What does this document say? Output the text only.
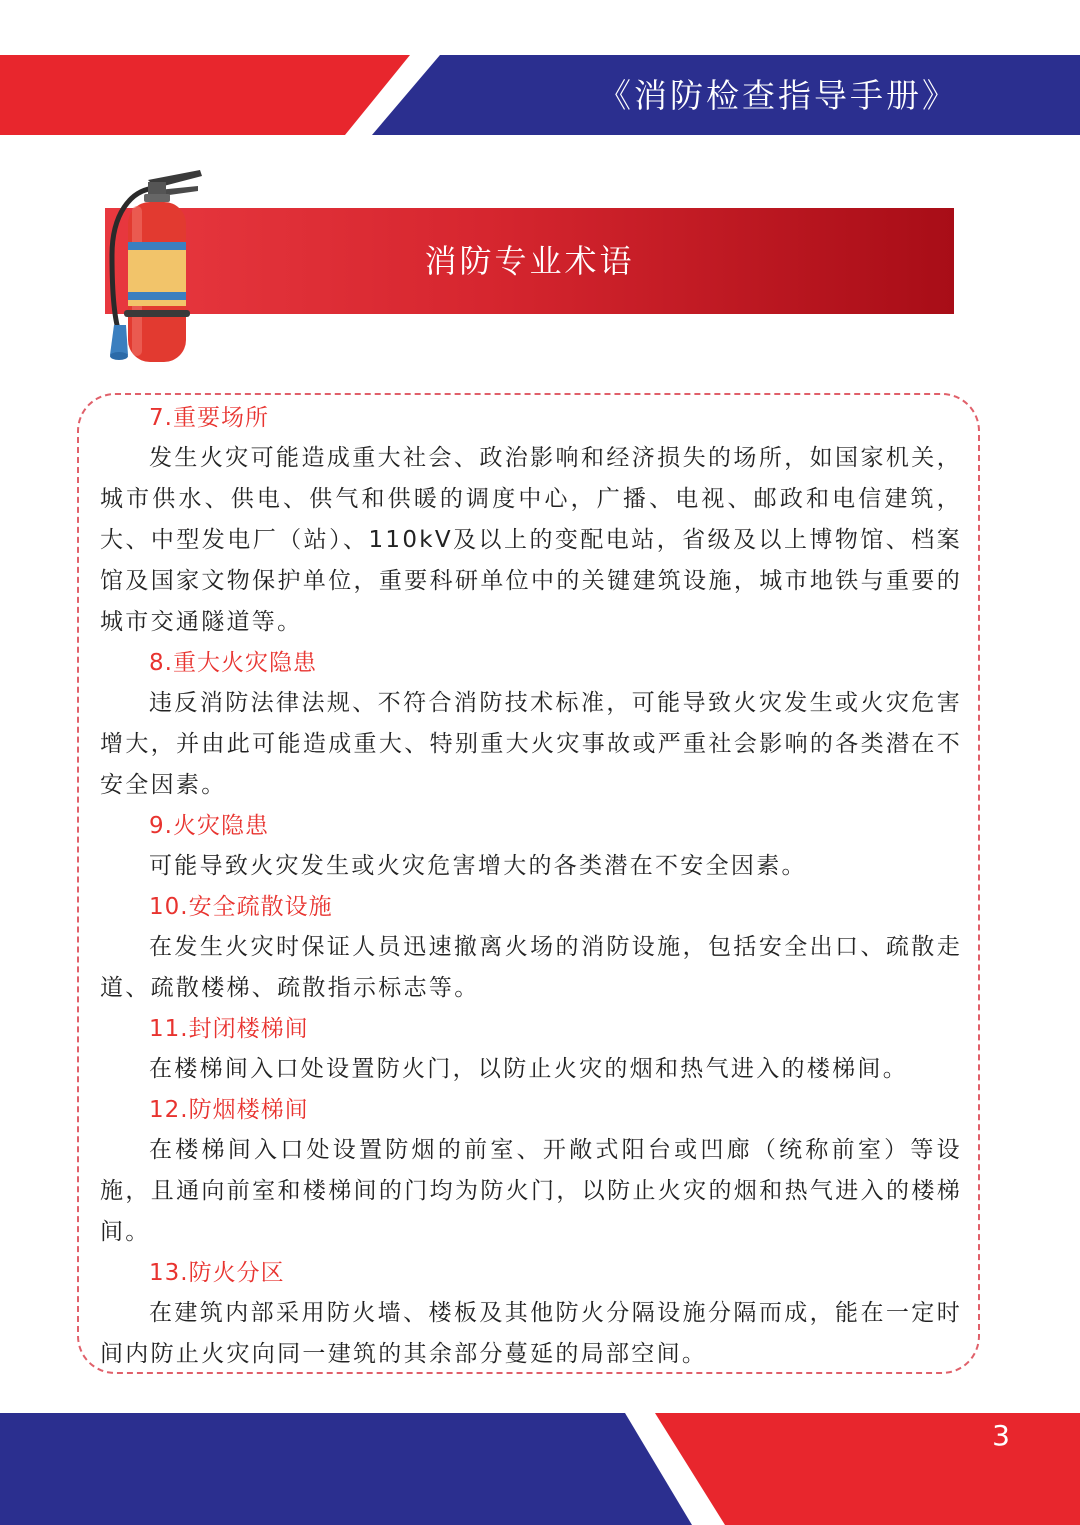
《消防检查指导手册》
消防专业术语
7.重要场所

发生火灾可能造成重大社会、政治影响和经济损失的场所，如国家机关，城市供水、供电、供气和供暖的调度中心，广播、电视、邮政和电信建筑，大、中型发电厂（站）、110kV及以上的变配电站，省级及以上博物馆、档案馆及国家文物保护单位，重要科研单位中的关键建筑设施，城市地铁与重要的城市交通隧道等。

8.重大火灾隐患

违反消防法律法规、不符合消防技术标准，可能导致火灾发生或火灾危害增大，并由此可能造成重大、特别重大火灾事故或严重社会影响的各类潜在不安全因素。

9.火灾隐患

可能导致火灾发生或火灾危害增大的各类潜在不安全因素。

10.安全疏散设施

在发生火灾时保证人员迅速撤离火场的消防设施，包括安全出口、疏散走道、疏散楼梯、疏散指示标志等。

11.封闭楼梯间

在楼梯间入口处设置防火门，以防止火灾的烟和热气进入的楼梯间。

12.防烟楼梯间

在楼梯间入口处设置防烟的前室、开敞式阳台或凹廊（统称前室）等设施，且通向前室和楼梯间的门均为防火门，以防止火灾的烟和热气进入的楼梯间。

13.防火分区

在建筑内部采用防火墙、楼板及其他防火分隔设施分隔而成，能在一定时间内防止火灾向同一建筑的其余部分蔓延的局部空间。

3
